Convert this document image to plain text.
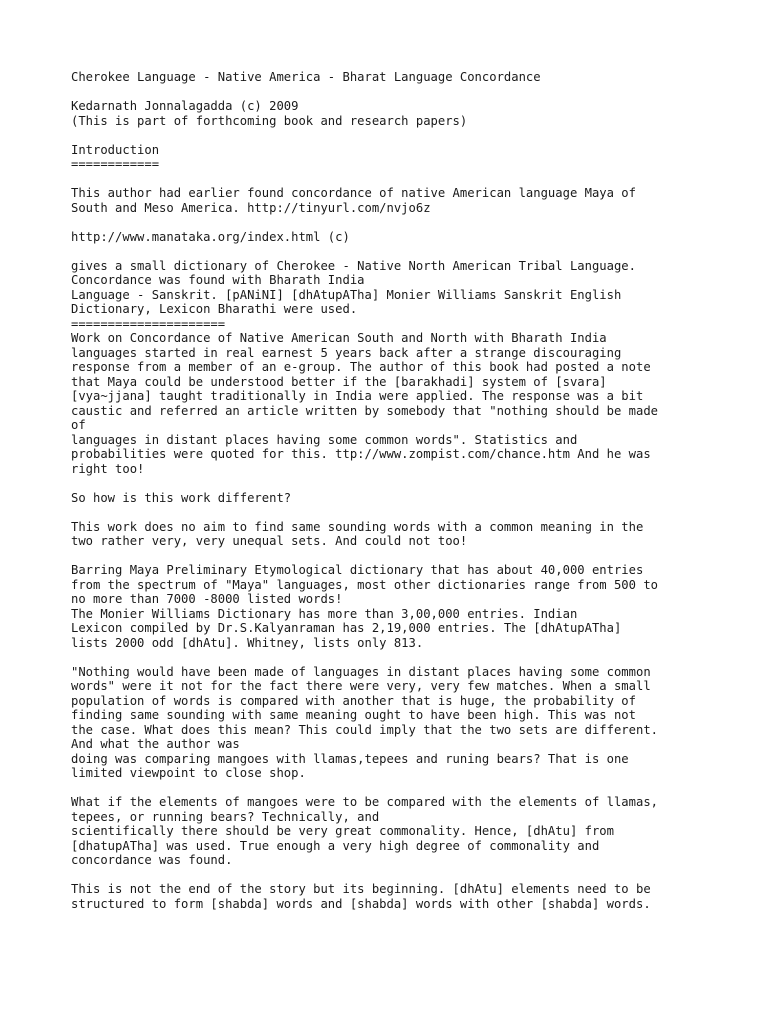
Cherokee Language - Native America - Bharat Language Concordance
Kedarnath Jonnalagadda (c) 2009
(This is part of forthcoming book and research papers)
Introduction
============
This author had earlier found concordance of native American language Maya of
South and Meso America. http://tinyurl.com/nvjo6z
http://www.manataka.org/index.html (c)
gives a small dictionary of Cherokee - Native North American Tribal Language.
Concordance was found with Bharath India
Language - Sanskrit. [pANiNI] [dhAtupATha] Monier Williams Sanskrit English
Dictionary, Lexicon Bharathi were used.
=====================
Work on Concordance of Native American South and North with Bharath India
languages started in real earnest 5 years back after a strange discouraging
response from a member of an e-group. The author of this book had posted a note
that Maya could be understood better if the [barakhadi] system of [svara]
[vya~jjana] taught traditionally in India were applied. The response was a bit
caustic and referred an article written by somebody that "nothing should be made
of
languages in distant places having some common words". Statistics and
probabilities were quoted for this. ttp://www.zompist.com/chance.htm And he was
right too!
So how is this work different?
This work does no aim to find same sounding words with a common meaning in the
two rather very, very unequal sets. And could not too!
Barring Maya Preliminary Etymological dictionary that has about 40,000 entries
from the spectrum of "Maya" languages, most other dictionaries range from 500 to
no more than 7000 -8000 listed words!
The Monier Williams Dictionary has more than 3,00,000 entries. Indian
Lexicon compiled by Dr.S.Kalyanraman has 2,19,000 entries. The [dhAtupATha]
lists 2000 odd [dhAtu]. Whitney, lists only 813.
"Nothing would have been made of languages in distant places having some common
words" were it not for the fact there were very, very few matches. When a small
population of words is compared with another that is huge, the probability of
finding same sounding with same meaning ought to have been high. This was not
the case. What does this mean? This could imply that the two sets are different.
And what the author was
doing was comparing mangoes with llamas,tepees and runing bears? That is one
limited viewpoint to close shop.
What if the elements of mangoes were to be compared with the elements of llamas,
tepees, or running bears? Technically, and
scientifically there should be very great commonality. Hence, [dhAtu] from
[dhatupATha] was used. True enough a very high degree of commonality and
concordance was found.
This is not the end of the story but its beginning. [dhAtu] elements need to be
structured to form [shabda] words and [shabda] words with other [shabda] words.
